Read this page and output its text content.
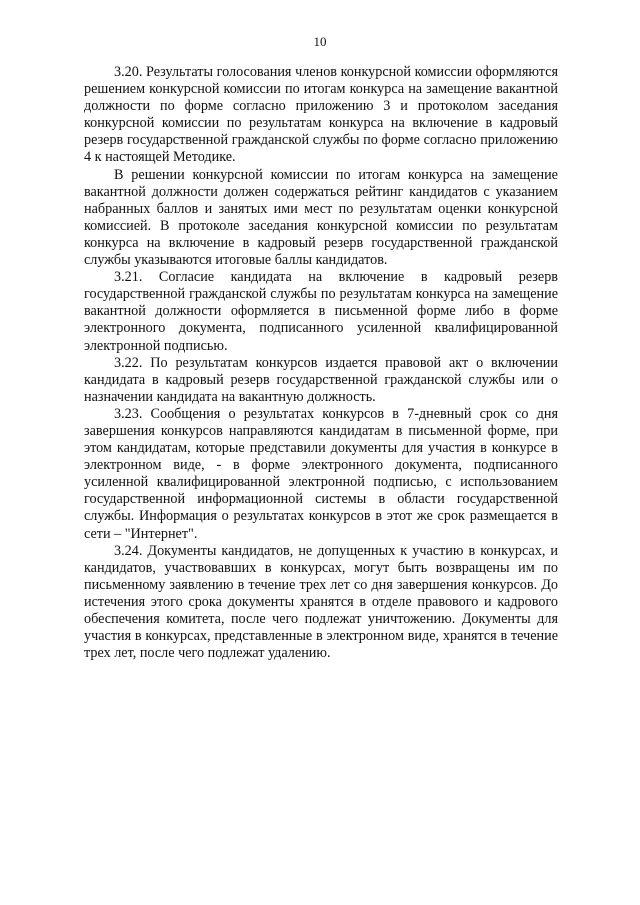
10

3.20. Результаты голосования членов конкурсной комиссии оформляются решением конкурсной комиссии по итогам конкурса на замещение вакантной должности по форме согласно приложению 3 и протоколом заседания конкурсной комиссии по результатам конкурса на включение в кадровый резерв государственной гражданской службы по форме согласно приложению 4 к настоящей Методике.

В решении конкурсной комиссии по итогам конкурса на замещение вакантной должности должен содержаться рейтинг кандидатов с указанием набранных баллов и занятых ими мест по результатам оценки конкурсной комиссией. В протоколе заседания конкурсной комиссии по результатам конкурса на включение в кадровый резерв государственной гражданской службы указываются итоговые баллы кандидатов.

3.21. Согласие кандидата на включение в кадровый резерв государственной гражданской службы по результатам конкурса на замещение вакантной должности оформляется в письменной форме либо в форме электронного документа, подписанного усиленной квалифицированной электронной подписью.

3.22. По результатам конкурсов издается правовой акт о включении кандидата в кадровый резерв государственной гражданской службы или о назначении кандидата на вакантную должность.

3.23. Сообщения о результатах конкурсов в 7-дневный срок со дня завершения конкурсов направляются кандидатам в письменной форме, при этом кандидатам, которые представили документы для участия в конкурсе в электронном виде, - в форме электронного документа, подписанного усиленной квалифицированной электронной подписью, с использованием государственной информационной системы в области государственной службы. Информация о результатах конкурсов в этот же срок размещается в сети – "Интернет".

3.24. Документы кандидатов, не допущенных к участию в конкурсах, и кандидатов, участвовавших в конкурсах, могут быть возвращены им по письменному заявлению в течение трех лет со дня завершения конкурсов. До истечения этого срока документы хранятся в отделе правового и кадрового обеспечения комитета, после чего подлежат уничтожению. Документы для участия в конкурсах, представленные в электронном виде, хранятся в течение трех лет, после чего подлежат удалению.
